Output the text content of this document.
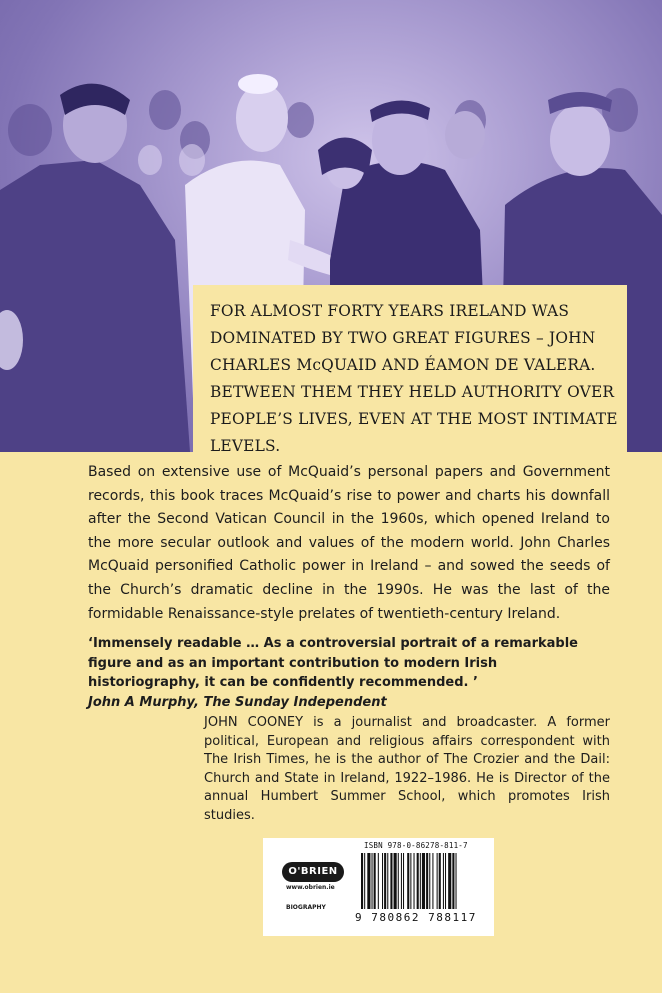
FOR ALMOST FORTY YEARS IRELAND WAS DOMINATED BY TWO GREAT FIGURES – JOHN CHARLES McQUAID AND ÉAMON DE VALERA. BETWEEN THEM THEY HELD AUTHORITY OVER PEOPLE’S LIVES, EVEN AT THE MOST INTIMATE LEVELS.
Based on extensive use of McQuaid’s personal papers and Government records, this book traces McQuaid’s rise to power and charts his downfall after the Second Vatican Council in the 1960s, which opened Ireland to the more secular outlook and values of the modern world. John Charles McQuaid personified Catholic power in Ireland – and sowed the seeds of the Church’s dramatic decline in the 1990s. He was the last of the formidable Renaissance-style prelates of twentieth-century Ireland.
‘Immensely readable … As a controversial portrait of a remarkable figure and as an important contribution to modern Irish historiography, it can be confidently recommended. ’
John A Murphy, The Sunday Independent
JOHN COONEY is a journalist and broadcaster. A former political, European and religious affairs correspondent with The Irish Times, he is the author of The Crozier and the Dail: Church and State in Ireland, 1922–1986. He is Director of the annual Humbert Summer School, which promotes Irish studies.
O'BRIEN
www.obrien.ie
BIOGRAPHY
ISBN 978-0-86278-811-7
9 780862 788117
